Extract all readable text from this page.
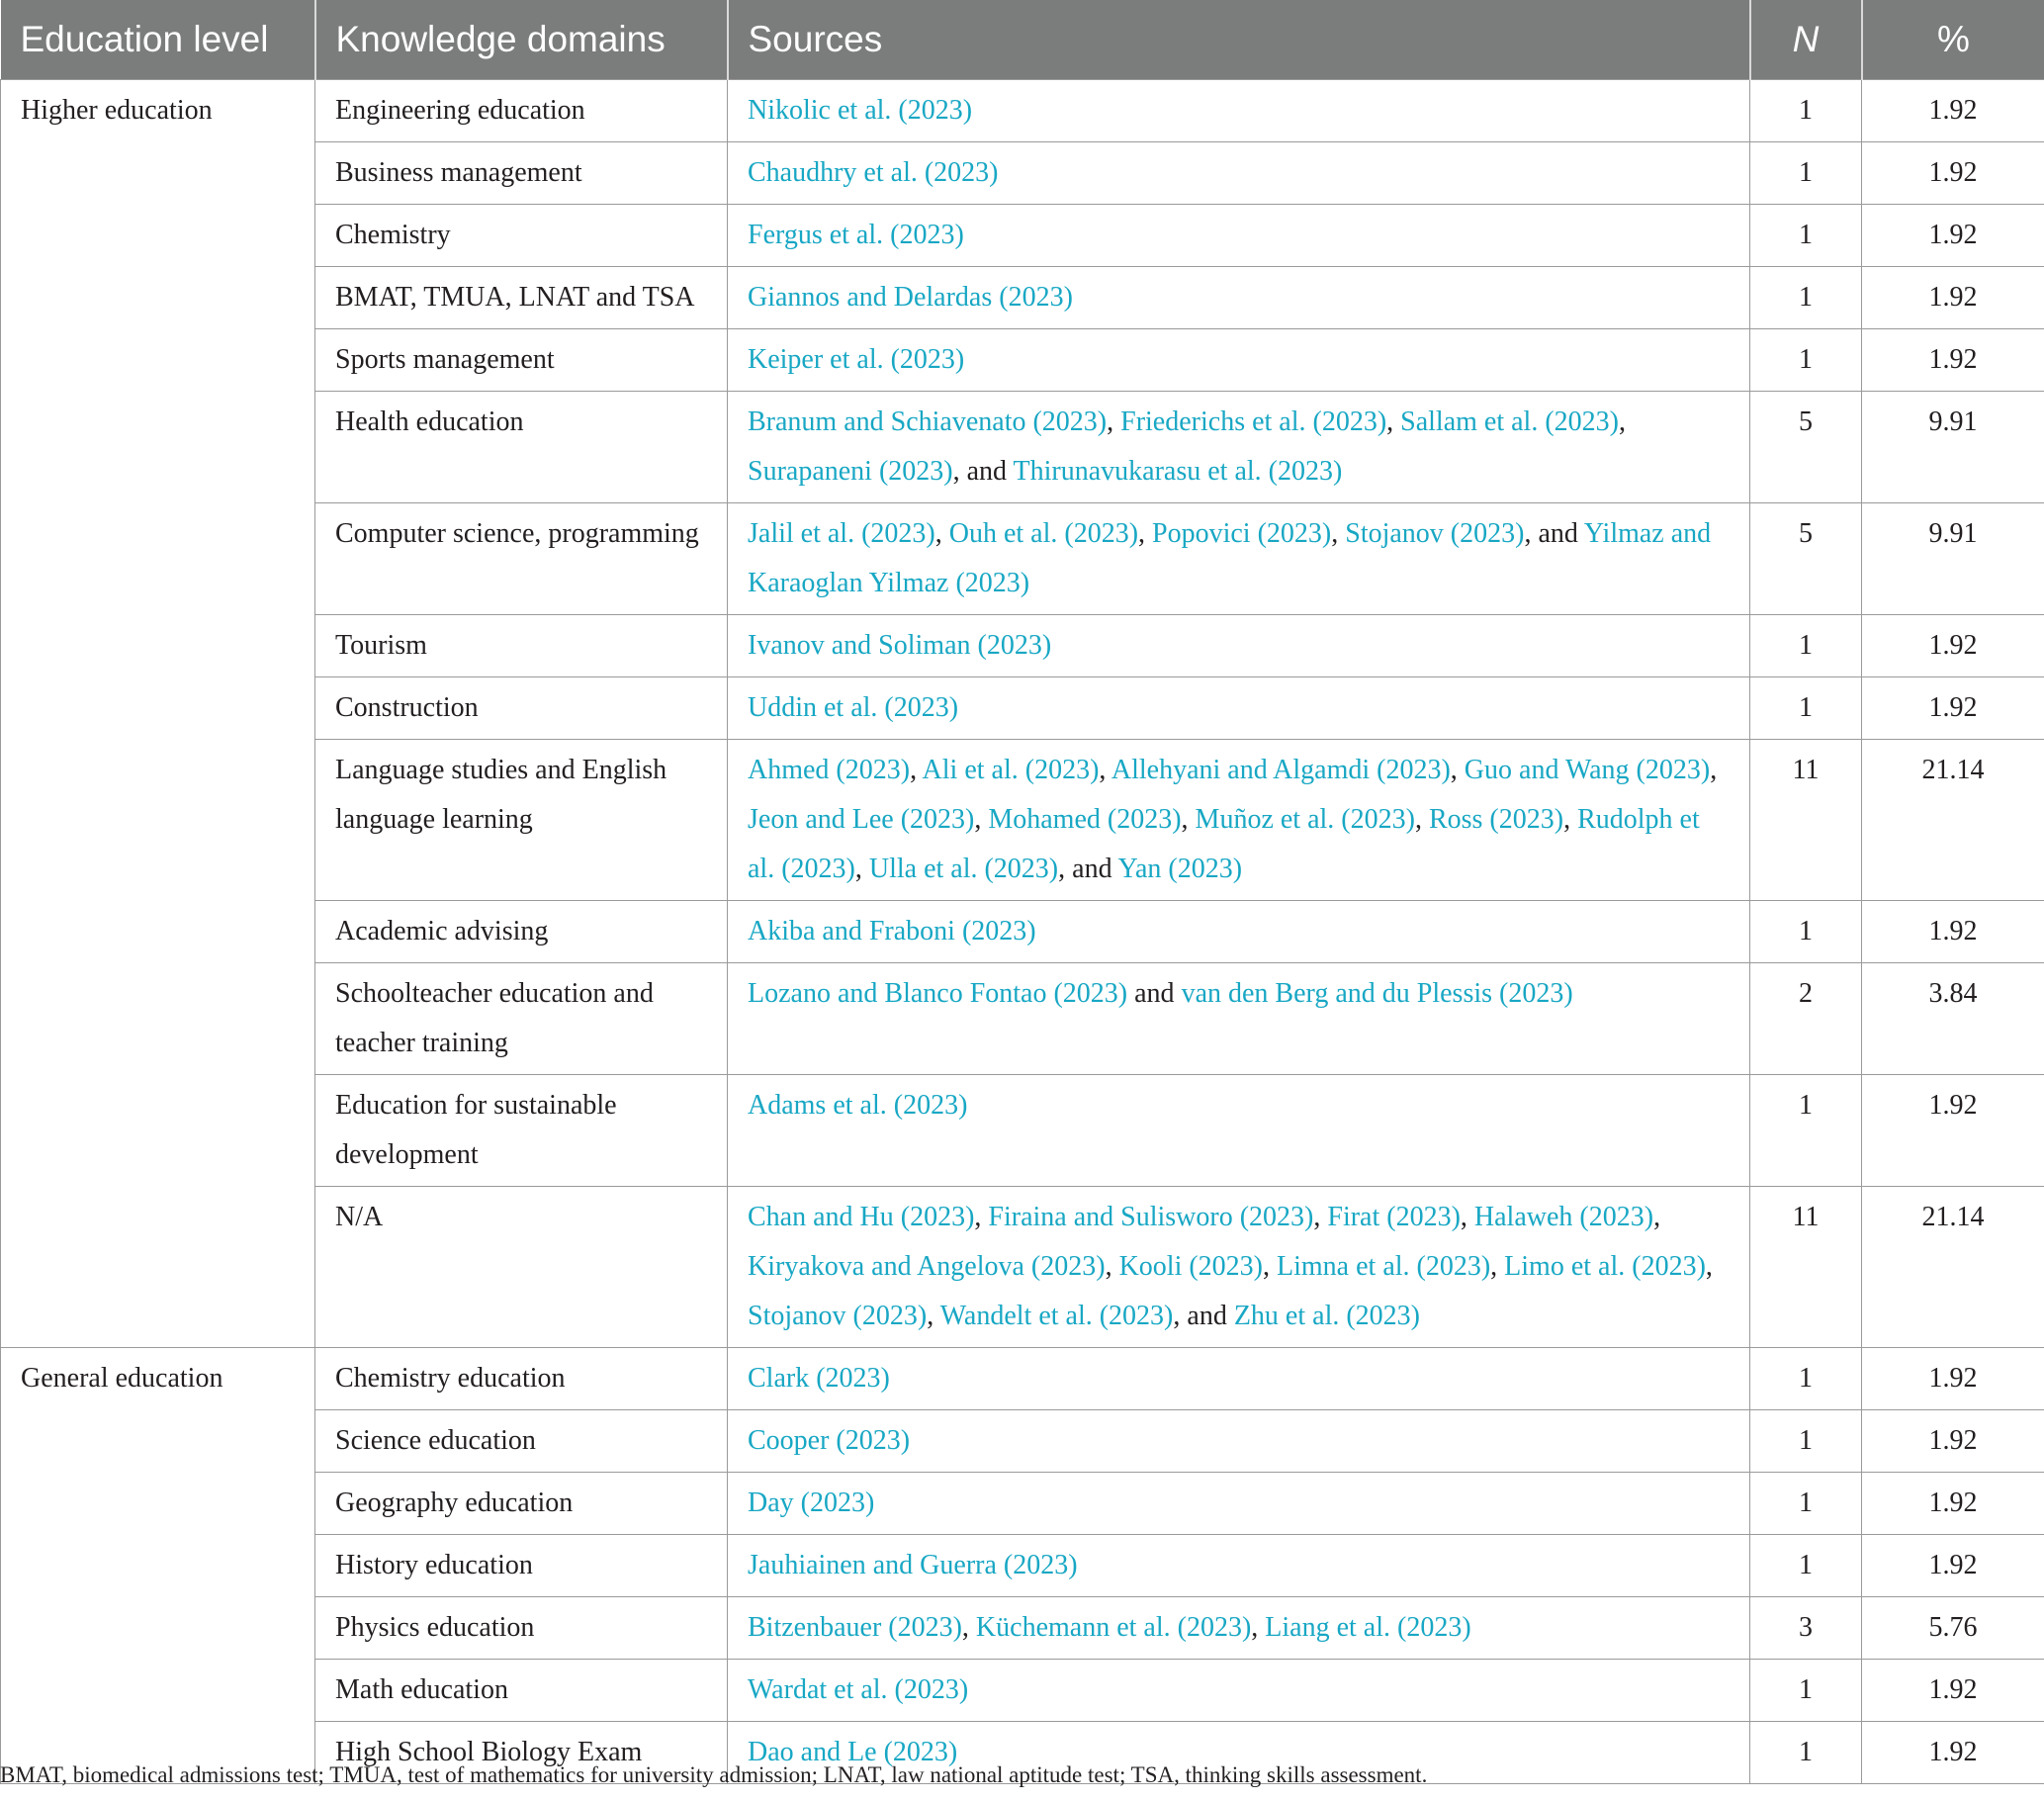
Education level	Knowledge domains	Sources	N	%
Higher education	Engineering education	Nikolic et al. (2023)	1	1.92
	Business management	Chaudhry et al. (2023)	1	1.92
	Chemistry	Fergus et al. (2023)	1	1.92
	BMAT, TMUA, LNAT and TSA	Giannos and Delardas (2023)	1	1.92
	Sports management	Keiper et al. (2023)	1	1.92
	Health education	Branum and Schiavenato (2023), Friederichs et al. (2023), Sallam et al. (2023), Surapaneni (2023), and Thirunavukarasu et al. (2023)	5	9.91
	Computer science, programming	Jalil et al. (2023), Ouh et al. (2023), Popovici (2023), Stojanov (2023), and Yilmaz and Karaoglan Yilmaz (2023)	5	9.91
	Tourism	Ivanov and Soliman (2023)	1	1.92
	Construction	Uddin et al. (2023)	1	1.92
	Language studies and English language learning	Ahmed (2023), Ali et al. (2023), Allehyani and Algamdi (2023), Guo and Wang (2023), Jeon and Lee (2023), Mohamed (2023), Muñoz et al. (2023), Ross (2023), Rudolph et al. (2023), Ulla et al. (2023), and Yan (2023)	11	21.14
	Academic advising	Akiba and Fraboni (2023)	1	1.92
	Schoolteacher education and teacher training	Lozano and Blanco Fontao (2023) and van den Berg and du Plessis (2023)	2	3.84
	Education for sustainable development	Adams et al. (2023)	1	1.92
	N/A	Chan and Hu (2023), Firaina and Sulisworo (2023), Firat (2023), Halaweh (2023), Kiryakova and Angelova (2023), Kooli (2023), Limna et al. (2023), Limo et al. (2023), Stojanov (2023), Wandelt et al. (2023), and Zhu et al. (2023)	11	21.14
General education	Chemistry education	Clark (2023)	1	1.92
	Science education	Cooper (2023)	1	1.92
	Geography education	Day (2023)	1	1.92
	History education	Jauhiainen and Guerra (2023)	1	1.92
	Physics education	Bitzenbauer (2023), Küchemann et al. (2023), Liang et al. (2023)	3	5.76
	Math education	Wardat et al. (2023)	1	1.92
	High School Biology Exam	Dao and Le (2023)	1	1.92
BMAT, biomedical admissions test; TMUA, test of mathematics for university admission; LNAT, law national aptitude test; TSA, thinking skills assessment.
